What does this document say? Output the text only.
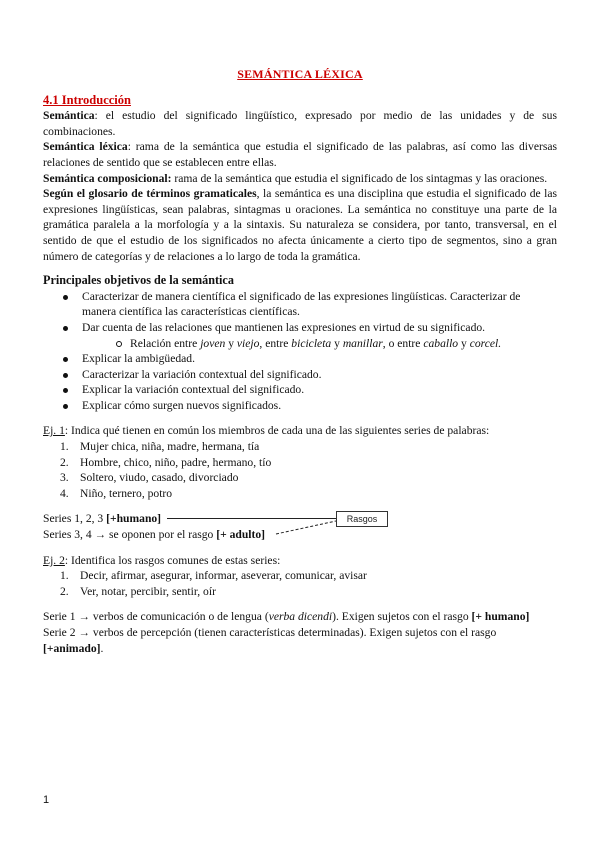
SEMÁNTICA LÉXICA

4.1 Introducción

Semántica: el estudio del significado lingüístico, expresado por medio de las unidades y de sus combinaciones.

Semántica léxica: rama de la semántica que estudia el significado de las palabras, así como las diversas relaciones de sentido que se establecen entre ellas.

Semántica composicional: rama de la semántica que estudia el significado de los sintagmas y las oraciones.

Según el glosario de términos gramaticales, la semántica es una disciplina que estudia el significado de las expresiones lingüísticas, sean palabras, sintagmas u oraciones. La semántica no constituye una parte de la gramática paralela a la morfología y a la sintaxis. Su naturaleza se considera, por tanto, transversal, en el sentido de que el estudio de los significados no afecta únicamente a cierto tipo de segmentos, sino a gran número de categorías y de relaciones a lo largo de toda la gramática.

Principales objetivos de la semántica

Caracterizar de manera científica el significado de las expresiones lingüísticas. Caracterizar de manera científica las características científicas.
Dar cuenta de las relaciones que mantienen las expresiones en virtud de su significado.
Relación entre joven y viejo, entre bicicleta y manillar, o entre caballo y corcel.
Explicar la ambigüedad.
Caracterizar la variación contextual del significado.
Explicar la variación contextual del significado.
Explicar cómo surgen nuevos significados.

Ej. 1: Indica qué tienen en común los miembros de cada una de las siguientes series de palabras:

1. Mujer chica, niña, madre, hermana, tía
2. Hombre, chico, niño, padre, hermano, tío
3. Soltero, viudo, casado, divorciado
4. Niño, ternero, potro
Rasgos

Series 1, 2, 3 [+humano]

Series 3, 4 → se oponen por el rasgo [+ adulto]

Ej. 2: Identifica los rasgos comunes de estas series:

1. Decir, afirmar, asegurar, informar, aseverar, comunicar, avisar
2. Ver, notar, percibir, sentir, oír

Serie 1 → verbos de comunicación o de lengua (verba dicendi). Exigen sujetos con el rasgo [+ humano]

Serie 2 → verbos de percepción (tienen características determinadas). Exigen sujetos con el rasgo [+animado].

1
